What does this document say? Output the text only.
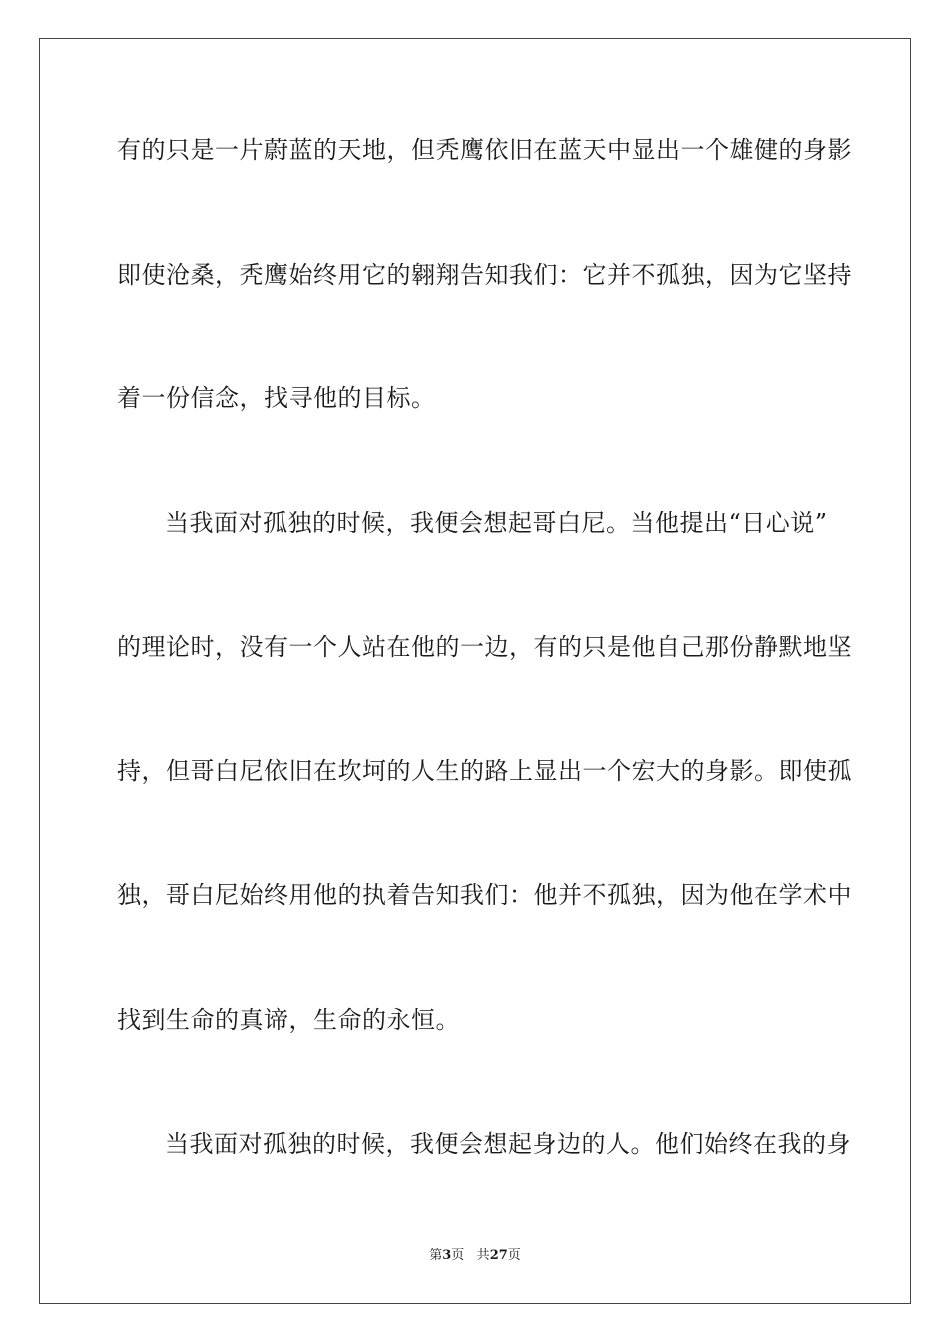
有的只是一片蔚蓝的天地，但秃鹰依旧在蓝天中显出一个雄健的身影
即使沧桑，秃鹰始终用它的翱翔告知我们：它并不孤独，因为它坚持
着一份信念，找寻他的目标。
当我面对孤独的时候，我便会想起哥白尼。当他提出“日心说”
的理论时，没有一个人站在他的一边，有的只是他自己那份静默地坚
持，但哥白尼依旧在坎坷的人生的路上显出一个宏大的身影。即使孤
独，哥白尼始终用他的执着告知我们：他并不孤独，因为他在学术中
找到生命的真谛，生命的永恒。
当我面对孤独的时候，我便会想起身边的人。他们始终在我的身
第3页 共27页
